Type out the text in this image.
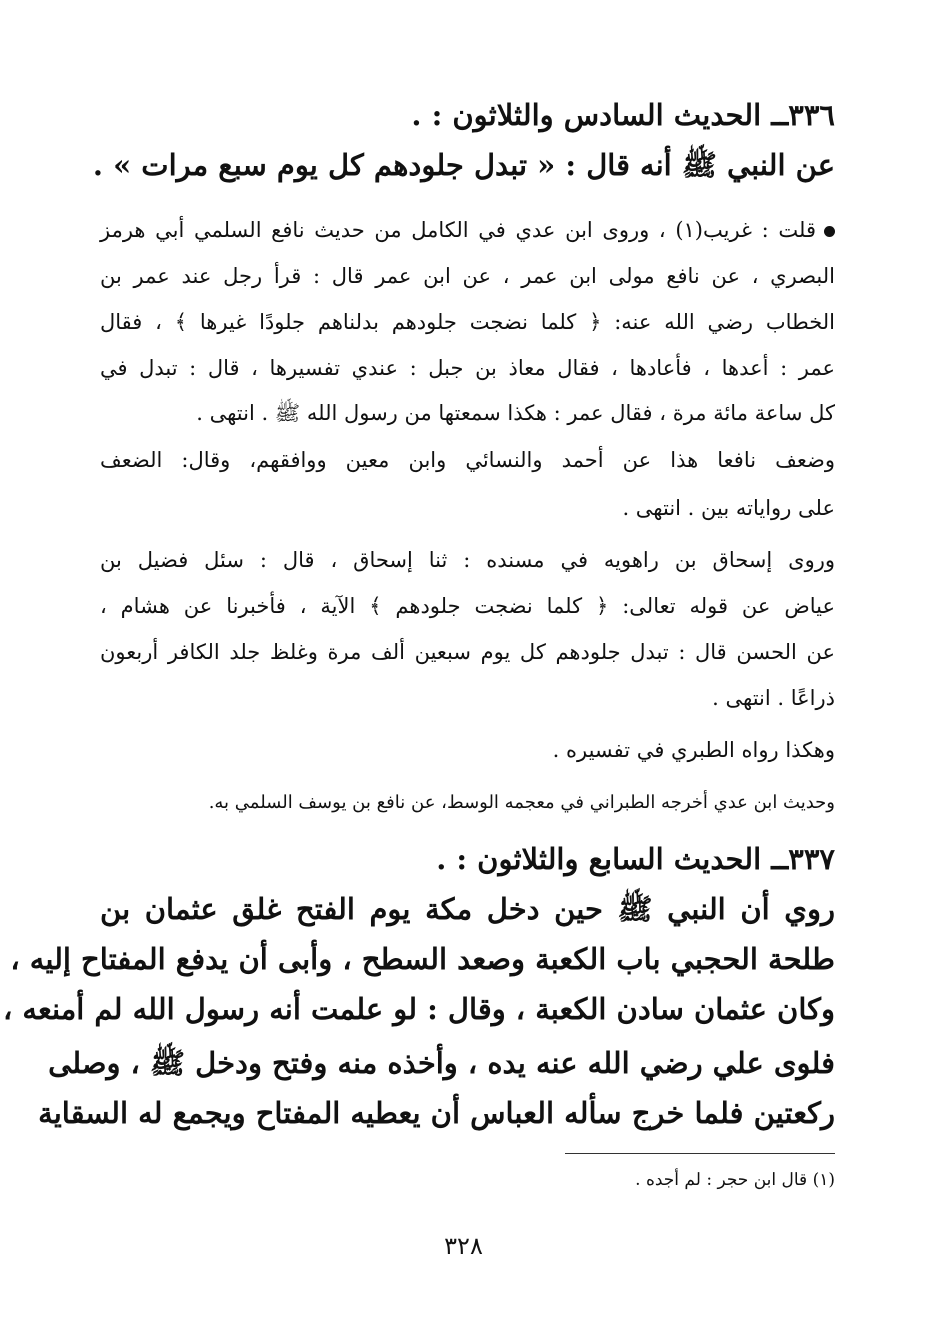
٣٣٦ــ الحديث السادس والثلاثون : .
عن النبي ﷺ أنه قال : « تبدل جلودهم كل يوم سبع مرات » .
قلت : غريب(١) ، وروى ابن عدي في الكامل من حديث نافع السلمي أبي هرمز
البصري ، عن نافع مولى ابن عمر ، عن ابن عمر قال : قرأ رجل عند عمر بن
الخطاب رضي الله عنه: ﴿ كلما نضجت جلودهم بدلناهم جلودًا غيرها ﴾ ، فقال
عمر : أعدها ، فأعادها ، فقال معاذ بن جبل : عندي تفسيرها ، قال : تبدل في
كل ساعة مائة مرة ، فقال عمر : هكذا سمعتها من رسول الله ﷺ . انتهى .
وضعف نافعا هذا عن أحمد والنسائي وابن معين ووافقهم، وقال: الضعف
على رواياته بين . انتهى .
وروى إسحاق بن راهويه في مسنده : ثنا إسحاق ، قال : سئل فضيل بن
عياض عن قوله تعالى: ﴿ كلما نضجت جلودهم ﴾ الآية ، فأخبرنا عن هشام ،
عن الحسن قال : تبدل جلودهم كل يوم سبعين ألف مرة وغلظ جلد الكافر أربعون
ذراعًا . انتهى .
وهكذا رواه الطبري في تفسيره .
وحديث ابن عدي أخرجه الطبراني في معجمه الوسط، عن نافع بن يوسف السلمي به.
٣٣٧ــ الحديث السابع والثلاثون : .
روي أن النبي ﷺ حين دخل مكة يوم الفتح غلق عثمان بن
طلحة الحجبي باب الكعبة وصعد السطح ، وأبى أن يدفع المفتاح إليه ،
وكان عثمان سادن الكعبة ، وقال : لو علمت أنه رسول الله لم أمنعه ،
فلوى علي رضي الله عنه يده ، وأخذه منه وفتح ودخل ﷺ ، وصلى
ركعتين فلما خرج سأله العباس أن يعطيه المفتاح ويجمع له السقاية
(١) قال ابن حجر : لم أجده .
٣٢٨
